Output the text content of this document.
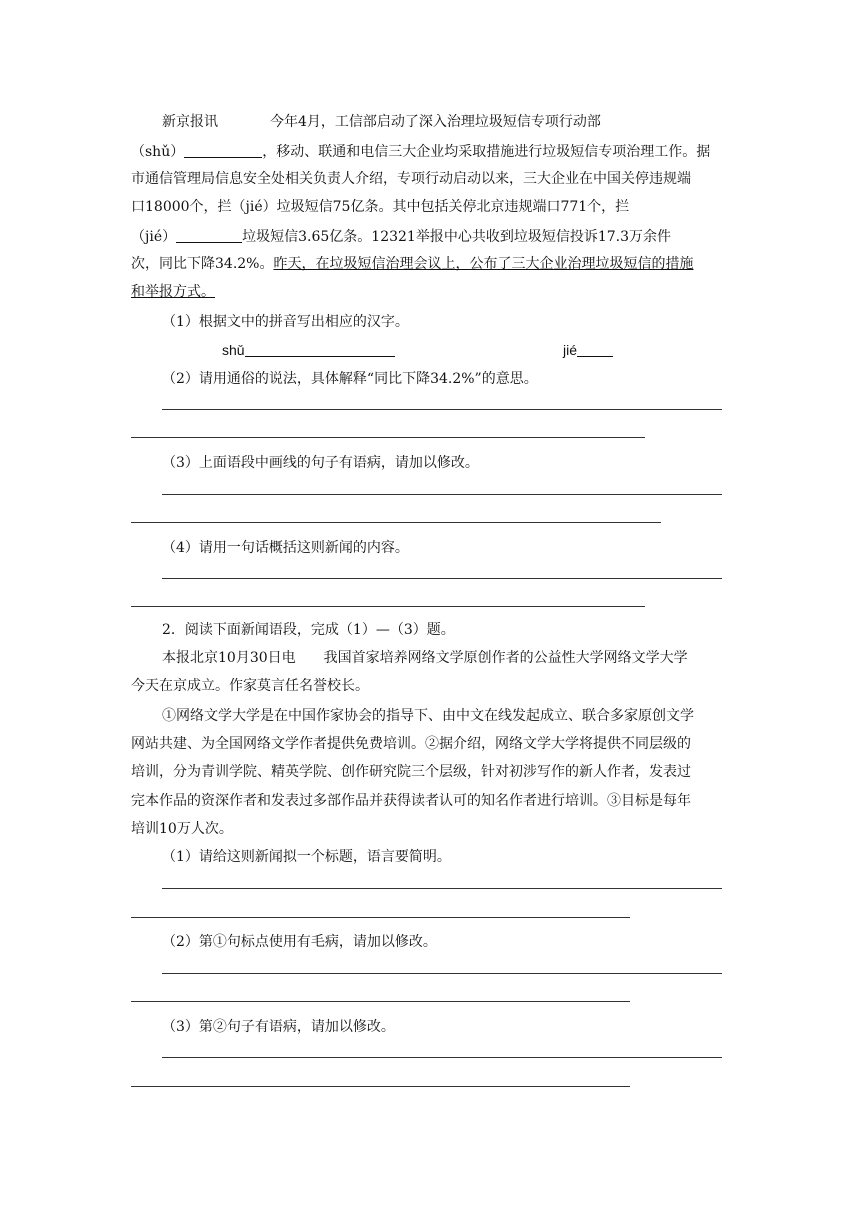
新京报讯	今年4月，工信部启动了深入治理垃圾短信专项行动部
（shǔ）	，移动、联通和电信三大企业均采取措施进行垃圾短信专项治理工作。据
市通信管理局信息安全处相关负责人介绍，专项行动启动以来，三大企业在中国关停违规端
口18000个，拦（jié）垃圾短信75亿条。其中包括关停北京违规端口771个，拦
（jié）	垃圾短信3.65亿条。12321举报中心共收到垃圾短信投诉17.3万余件
次，同比下降34.2%。昨天，在垃圾短信治理会议上，公布了三大企业治理垃圾短信的措施
和举报方式。
（1）根据文中的拼音写出相应的汉字。
shǔ	jié
（2）请用通俗的说法，具体解释“同比下降34.2%”的意思。
（3）上面语段中画线的句子有语病，请加以修改。
（4）请用一句话概括这则新闻的内容。
2．阅读下面新闻语段，完成（1）—（3）题。
本报北京10月30日电 我国首家培养网络文学原创作者的公益性大学网络文学大学
今天在京成立。作家莫言任名誉校长。
①网络文学大学是在中国作家协会的指导下、由中文在线发起成立、联合多家原创文学
网站共建、为全国网络文学作者提供免费培训。②据介绍，网络文学大学将提供不同层级的
培训，分为青训学院、精英学院、创作研究院三个层级，针对初涉写作的新人作者，发表过
完本作品的资深作者和发表过多部作品并获得读者认可的知名作者进行培训。③目标是每年
培训10万人次。
（1）请给这则新闻拟一个标题，语言要简明。
（2）第①句标点使用有毛病，请加以修改。
（3）第②句子有语病，请加以修改。
